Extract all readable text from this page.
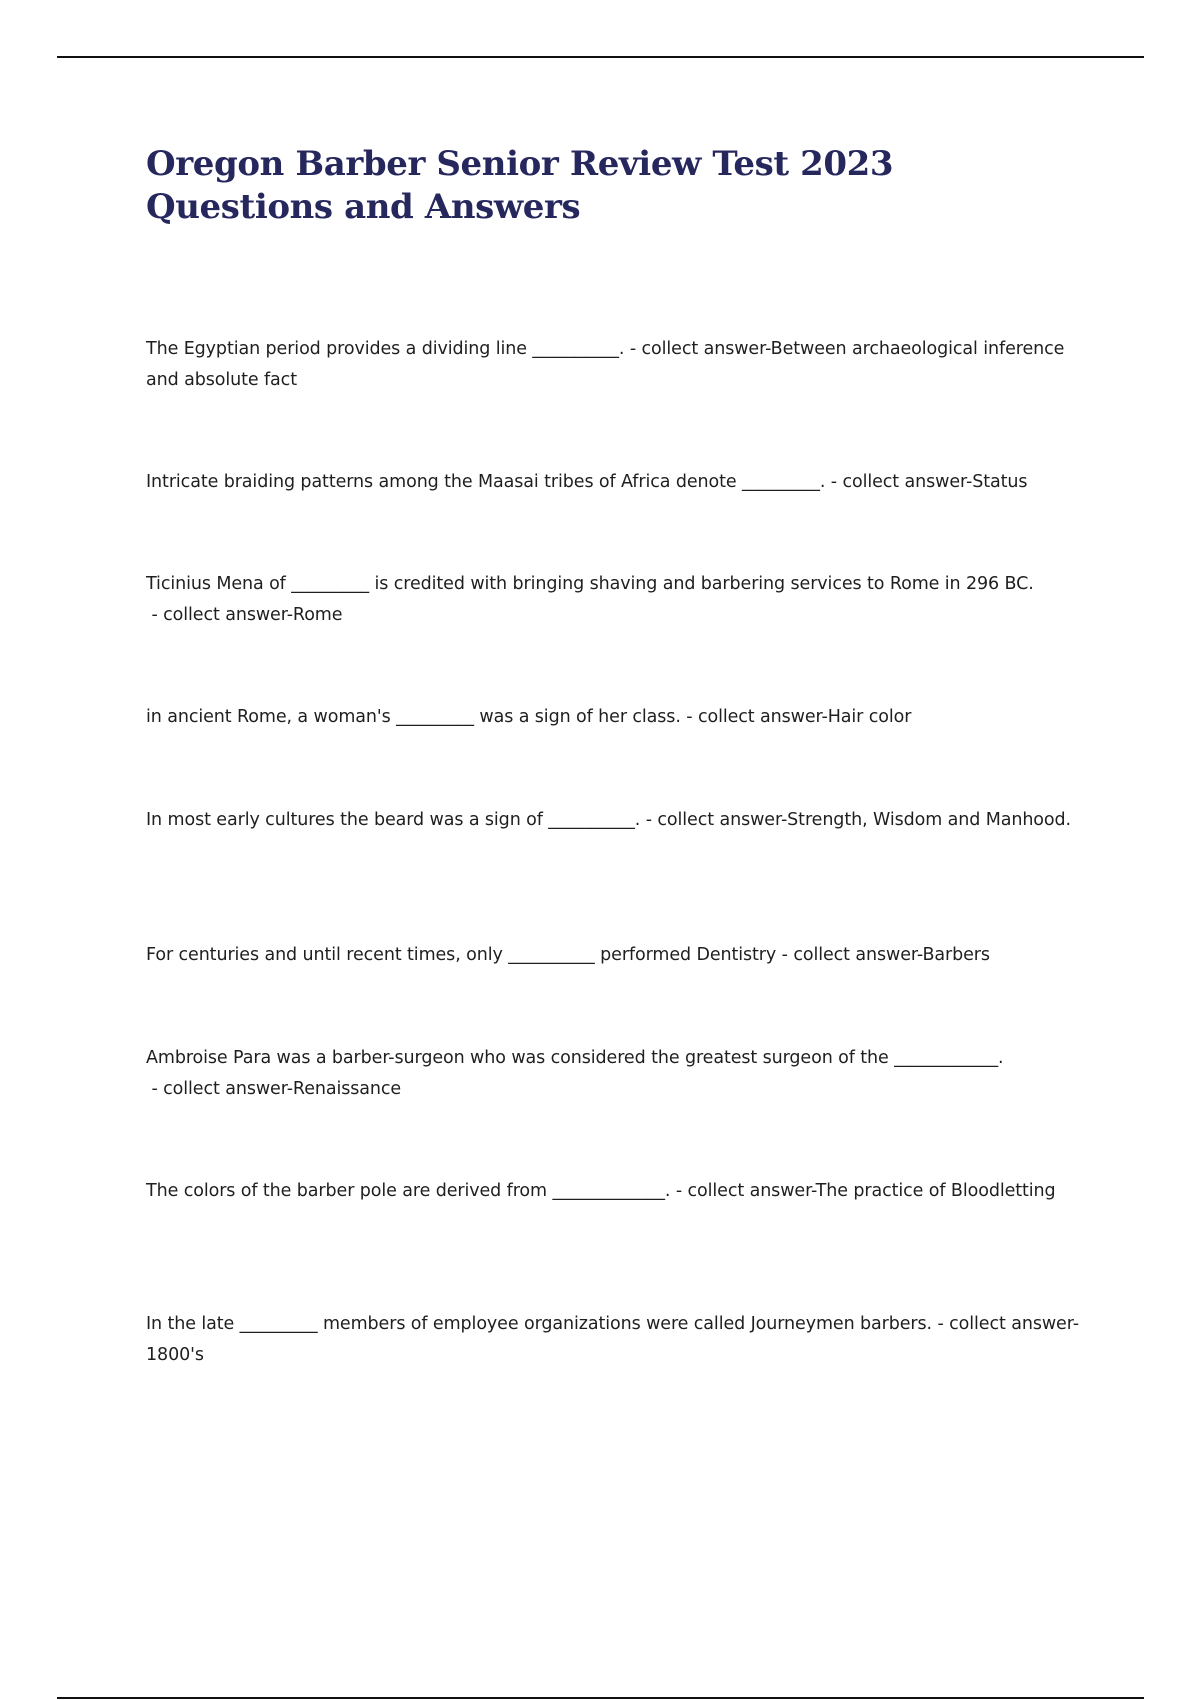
Oregon Barber Senior Review Test 2023 Questions and Answers

The Egyptian period provides a dividing line __________. - collect answer-Between archaeological inference and absolute fact

Intricate braiding patterns among the Maasai tribes of Africa denote _________. - collect answer-Status

Ticinius Mena of _________ is credited with bringing shaving and barbering services to Rome in 296 BC. - collect answer-Rome

in ancient Rome, a woman's _________ was a sign of her class. - collect answer-Hair color

In most early cultures the beard was a sign of __________. - collect answer-Strength, Wisdom and Manhood.

For centuries and until recent times, only __________ performed Dentistry - collect answer-Barbers

Ambroise Para was a barber-surgeon who was considered the greatest surgeon of the ____________. - collect answer-Renaissance

The colors of the barber pole are derived from _____________. - collect answer-The practice of Bloodletting

In the late _________ members of employee organizations were called Journeymen barbers. - collect answer-1800's
